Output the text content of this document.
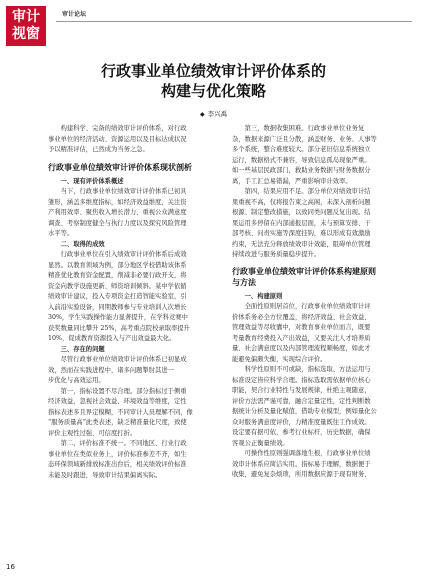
审计
视窗
审计论坛
行政事业单位绩效审计评价体系的
构建与优化策略
◆ 李兴禹

构建科学、完备的绩效审计评价体系，对行政

事业单位的经济活动、资源运用以及目标达成状况

予以精准评估，已然成为当务之急。

行政事业单位绩效审计评价体系现状剖析

一、现有评价体系概述

当下，行政事业单位绩效审计评价体系已初具

雏形，涵盖多维度指标，如经济效益维度，关注资

产利用效率、聚焦收入增长潜力、重视公众满意度

调查、考察制度健全与执行力度以及探究风险管理

水平等。

二、取得的成效

行政事业单位在引入绩效审计评价体系后成效

显然。以教育领域为例，部分地区学校借助该体系

精准优化教育资金配置，削减非必要行政开支，将

资金向教学设施更新、师资培训倾斜。某中学依循

绩效审计建议，投入专项资金打造智能实验室，引

入前沿实验设备，同期教师参与专业培训人次增长

30%，学生实践操作能力显著提升，在学科竞赛中

获奖数量同比攀升 25%，高考重点院校录取率提升

10%，促成教育资源投入与产出效益最大化。

三、存在的问题

尽管行政事业单位绩效审计评价体系已初显成

效，然而在实践进程中，诸多问题掣肘其进一

步优化与高效运用。

第一，指标设置不尽合理。部分指标过于侧重

经济效益，忽视社会效益、环境效益等维度，定性

指标表述多且界定模糊，不同审计人员理解不同，像

“服务质量高”此类表述，缺乏精准量化尺度，致使

评价主观性过强、可信度打折。

第二，评价标准不统一。不同地区、行业行政

事业单位在类似业务上，评价标准参差不齐，如生

态环保领域新排放标准出台后，相关绩效评价标准

未能及时跟进，导致审计结果偏离实际。

第三，数据收集困难。行政事业单位业务复

杂，数据来源广泛且分散，涵盖财务、业务、人事等

多个系统，整合难度较大。部分老旧信息系统独立

运行，数据格式不兼容，导致信息孤岛现象严重。

如一些基层民政部门，救助业务数据与财务数据分

离，手工汇总易错漏，严重影响审计效率。

第四，结果应用不足。部分单位对绩效审计结

果重视不高，仅将报告束之高阁，未深入剖析问题

根源、制定整改措施，以致同类问题反复出现。结

果运用多停留在内部通报层面，未与预算安排、干

部考核、问责实施等深度挂钩，难以形成有效激励

约束，无法充分释放绩效审计效能，阻碍单位管理

持续改进与服务质量稳步提升。

行政事业单位绩效审计评价体系构建原则
与方法

一、构建原则

全面性原则居首位，行政事业单位绩效审计评

价体系务必全方位覆盖，将经济效益、社会效益、

管理效益等尽收囊中，对教育事业单位而言，既要

考量教育经费投入产出效益，又要关注人才培养质

量、社会满意度以及内部管理流程顺畅度，如此才

能避免偏颇失衡，实现综合评价。

科学性原则不可或缺，指标选取、方法运用与

标准设定皆应科学合理。指标选取需依据单位核心

职能，契合行业特性与发展规律，杜绝主观随意，

评价方法需严谨可靠，融合定量定性，定性判断数

据统计分析及量化赋值，借助专业模型，例如量化公

众对服务满意度评价，力精准度量既往工作成效。

设定要有据可依，参考行业标杆，历史数据，确保

客观公正衡量绩效。

可操作性原则强调落地生根，行政事业单位绩

效审计体系应简洁实用。指标易于理解，数据便于

收集，避免复杂烦琐，所用数据应源于现有财务、

16
